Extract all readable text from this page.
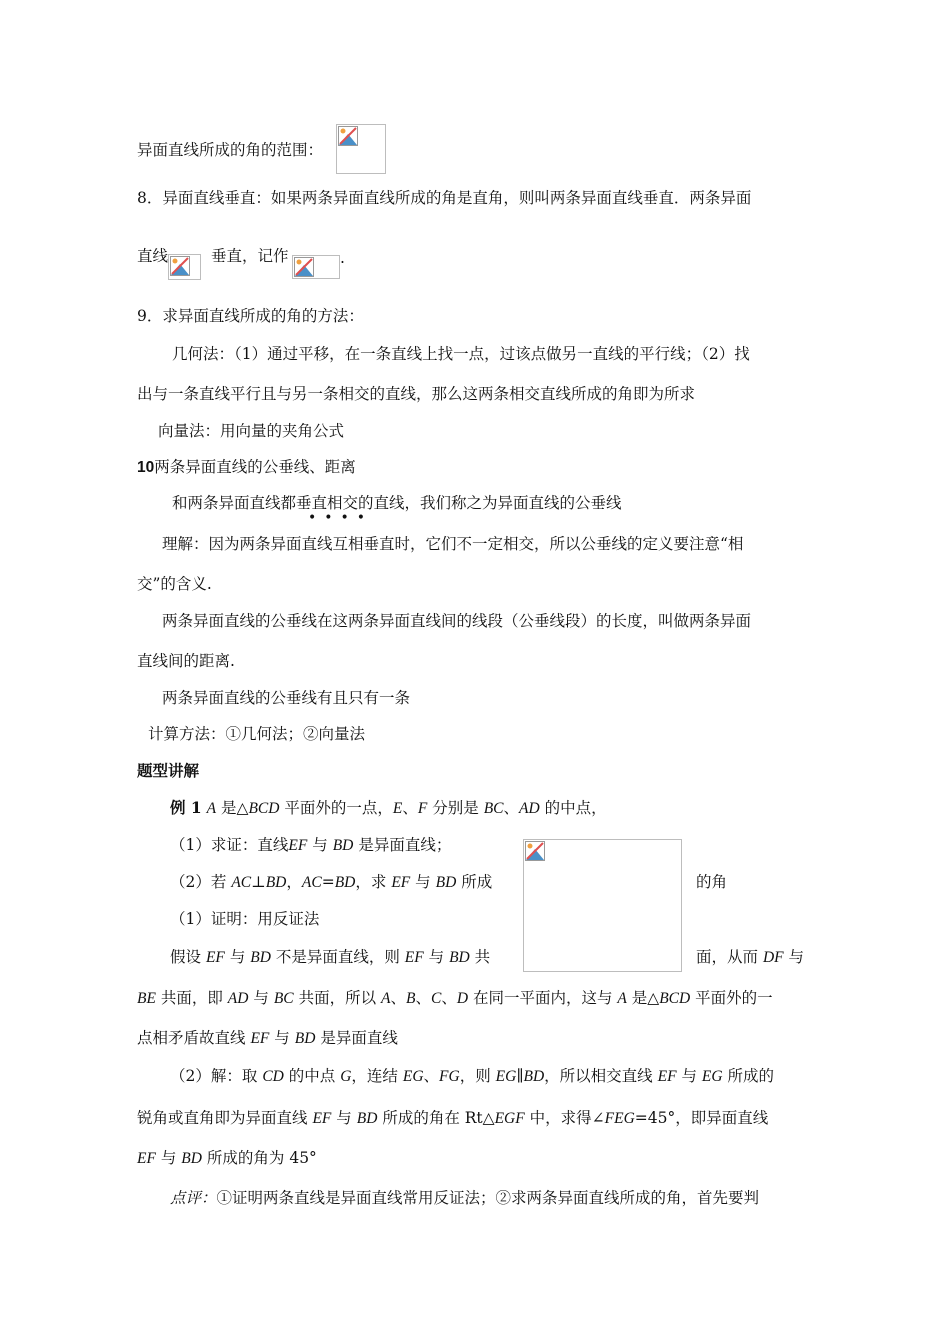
异面直线所成的角的范围：
8．异面直线垂直：如果两条异面直线所成的角是直角，则叫两条异面直线垂直．两条异面
直线	垂直，记作	.
9．求异面直线所成的角的方法：
几何法：（1）通过平移，在一条直线上找一点，过该点做另一直线的平行线；（2）找
出与一条直线平行且与另一条相交的直线，那么这两条相交直线所成的角即为所求
向量法：用向量的夹角公式
10两条异面直线的公垂线、距离
和两条异面直线都垂直相交的直线，我们称之为异面直线的公垂线
••••
理解：因为两条异面直线互相垂直时，它们不一定相交，所以公垂线的定义要注意“相
交”的含义.
两条异面直线的公垂线在这两条异面直线间的线段（公垂线段）的长度，叫做两条异面
直线间的距离.
两条异面直线的公垂线有且只有一条
计算方法：①几何法；②向量法
题型讲解
例 1 A 是△BCD 平面外的一点，E、F 分别是 BC、AD 的中点，
（1）求证：直线EF 与 BD 是异面直线；
（2）若 AC⊥BD，AC=BD，求 EF 与 BD 所成	的角
（1）证明：用反证法
假设 EF 与 BD 不是异面直线，则 EF 与 BD 共	面，从而 DF 与
BE 共面，即 AD 与 BC 共面，所以 A、B、C、D 在同一平面内，这与 A 是△BCD 平面外的一
点相矛盾故直线 EF 与 BD 是异面直线
（2）解：取 CD 的中点 G，连结 EG、FG，则 EG∥BD，所以相交直线 EF 与 EG 所成的
锐角或直角即为异面直线 EF 与 BD 所成的角在 Rt△EGF 中，求得∠FEG=45°，即异面直线
EF 与 BD 所成的角为 45°
点评：①证明两条直线是异面直线常用反证法；②求两条异面直线所成的角，首先要判
